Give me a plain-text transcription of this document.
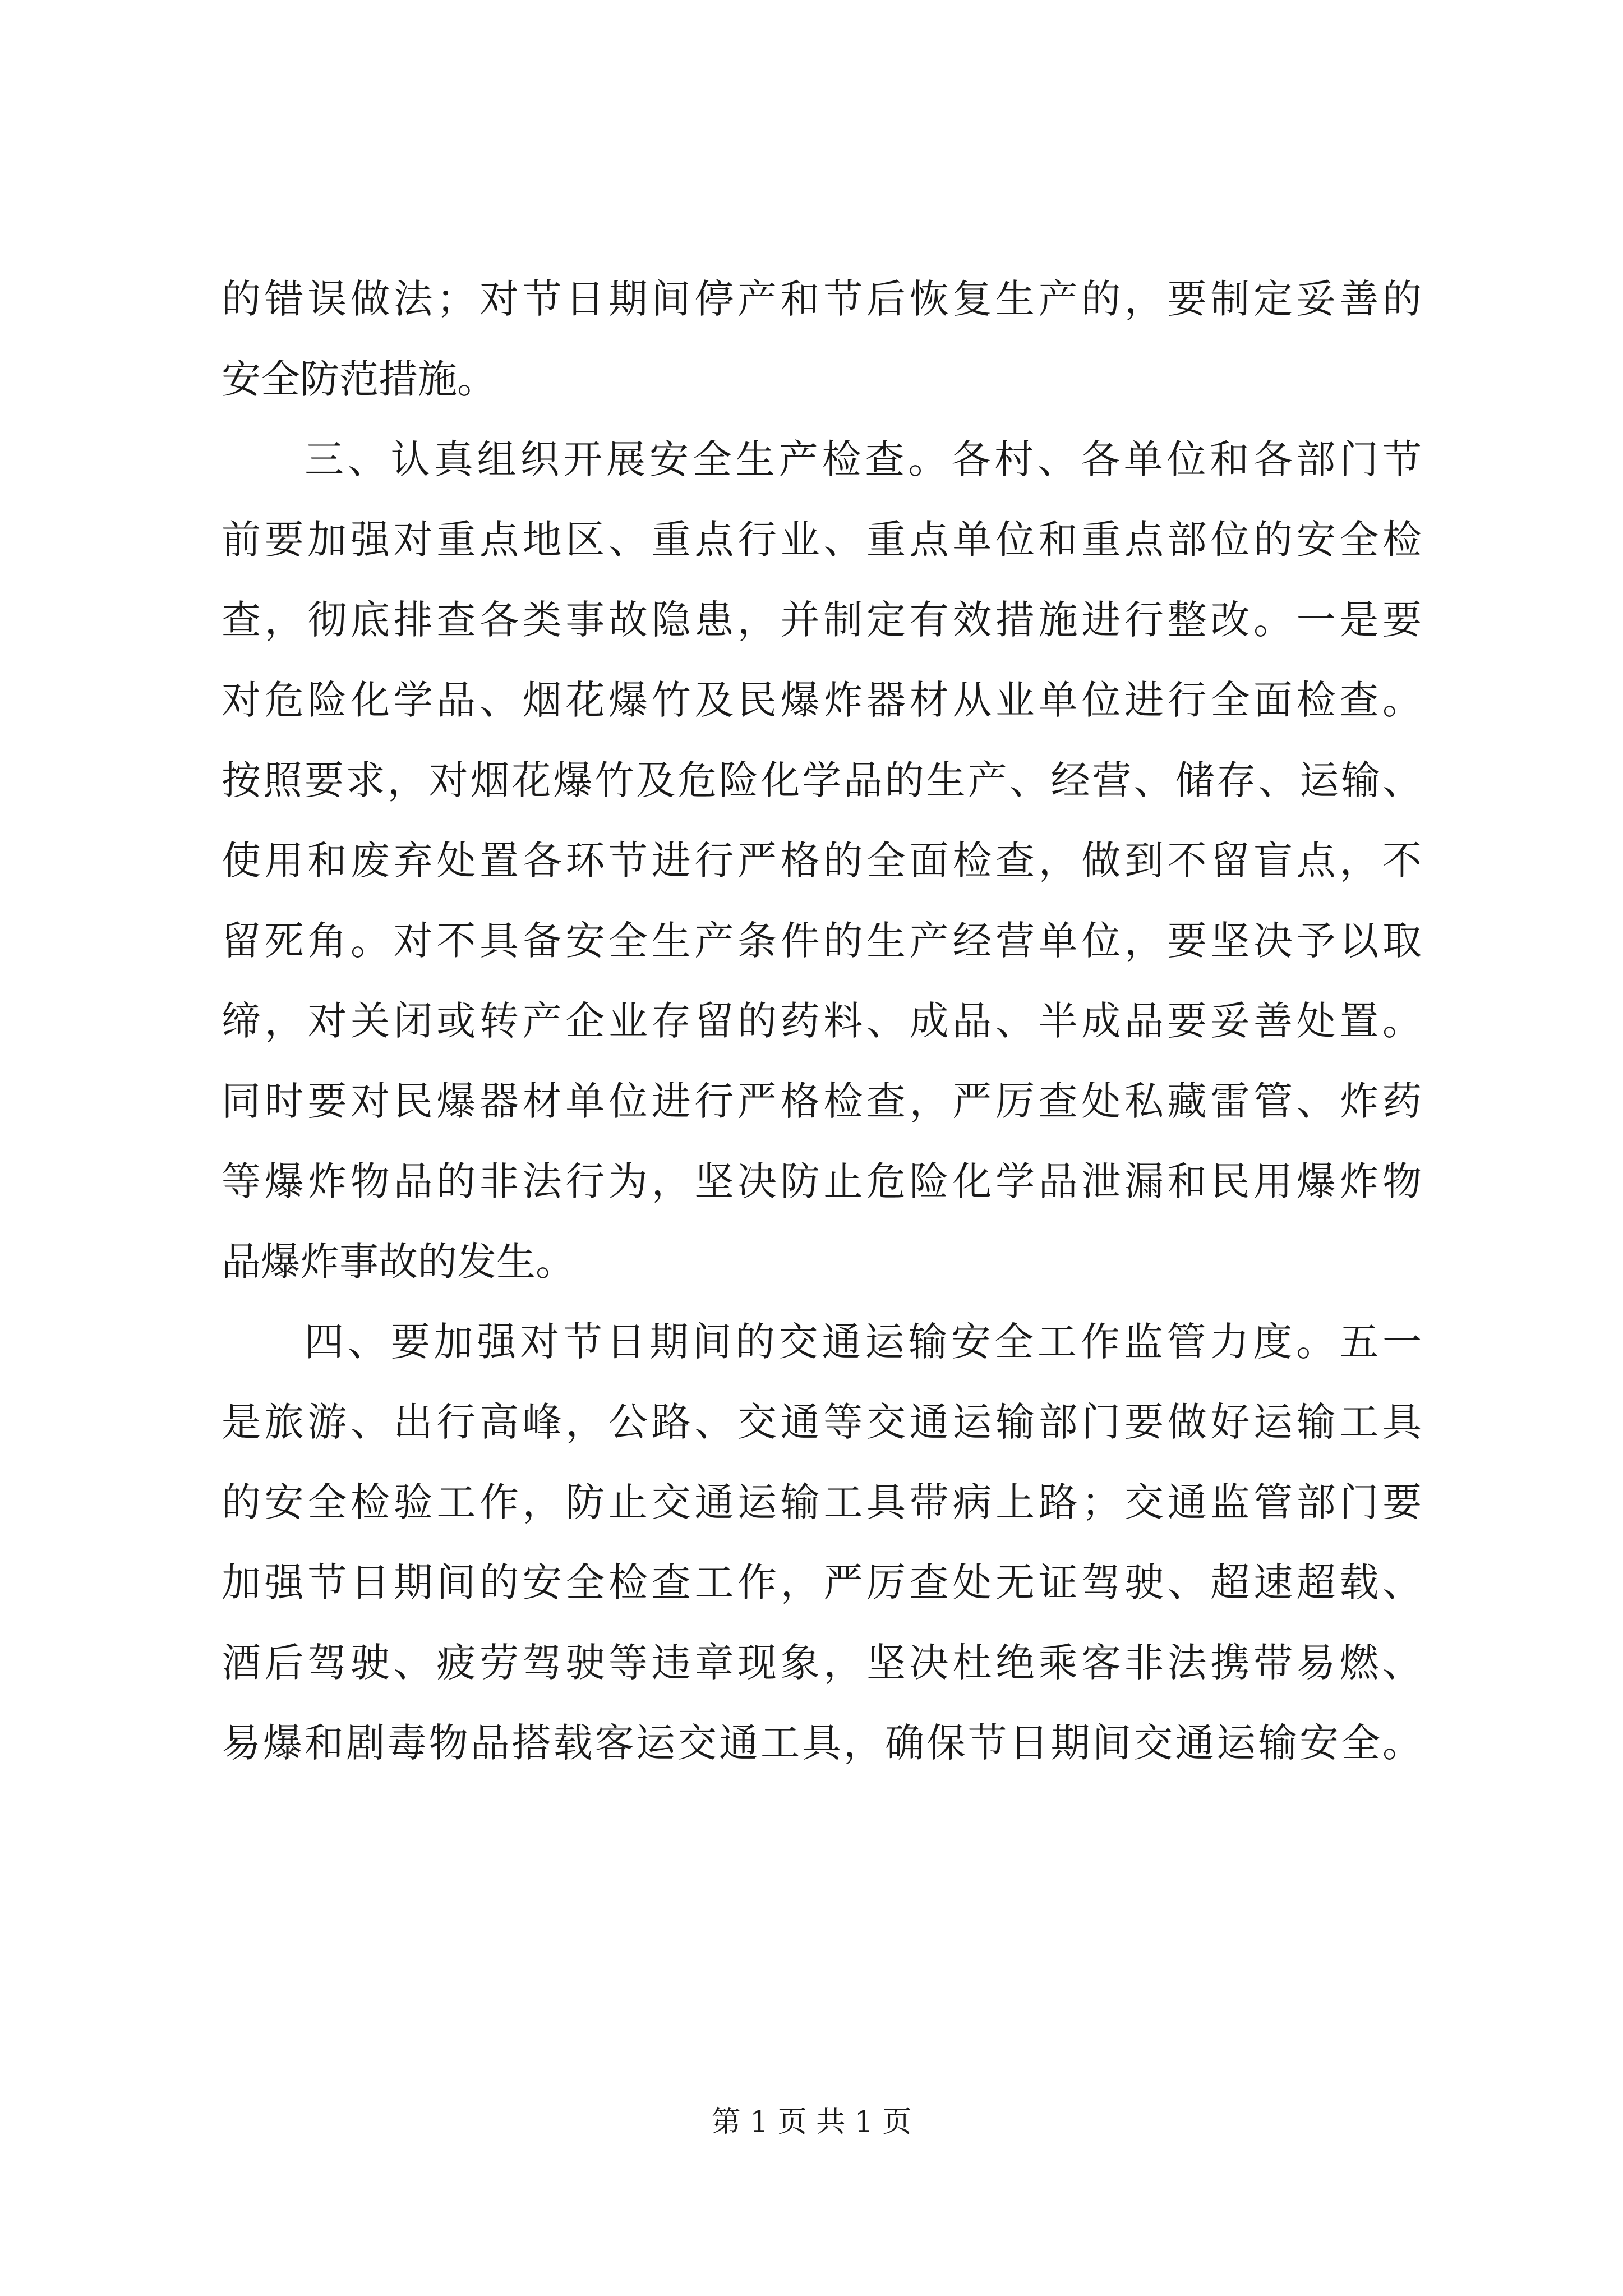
的错误做法；对节日期间停产和节后恢复生产的，要制定妥善的
安全防范措施。
三、认真组织开展安全生产检查。各村、各单位和各部门节
前要加强对重点地区、重点行业、重点单位和重点部位的安全检
查，彻底排查各类事故隐患，并制定有效措施进行整改。一是要
对危险化学品、烟花爆竹及民爆炸器材从业单位进行全面检查。
按照要求，对烟花爆竹及危险化学品的生产、经营、储存、运输、
使用和废弃处置各环节进行严格的全面检查，做到不留盲点，不
留死角。对不具备安全生产条件的生产经营单位，要坚决予以取
缔，对关闭或转产企业存留的药料、成品、半成品要妥善处置。
同时要对民爆器材单位进行严格检查，严厉查处私藏雷管、炸药
等爆炸物品的非法行为，坚决防止危险化学品泄漏和民用爆炸物
品爆炸事故的发生。
四、要加强对节日期间的交通运输安全工作监管力度。五一
是旅游、出行高峰，公路、交通等交通运输部门要做好运输工具
的安全检验工作，防止交通运输工具带病上路；交通监管部门要
加强节日期间的安全检查工作，严厉查处无证驾驶、超速超载、
酒后驾驶、疲劳驾驶等违章现象，坚决杜绝乘客非法携带易燃、
易爆和剧毒物品搭载客运交通工具，确保节日期间交通运输安全。
第 1 页 共 1 页
